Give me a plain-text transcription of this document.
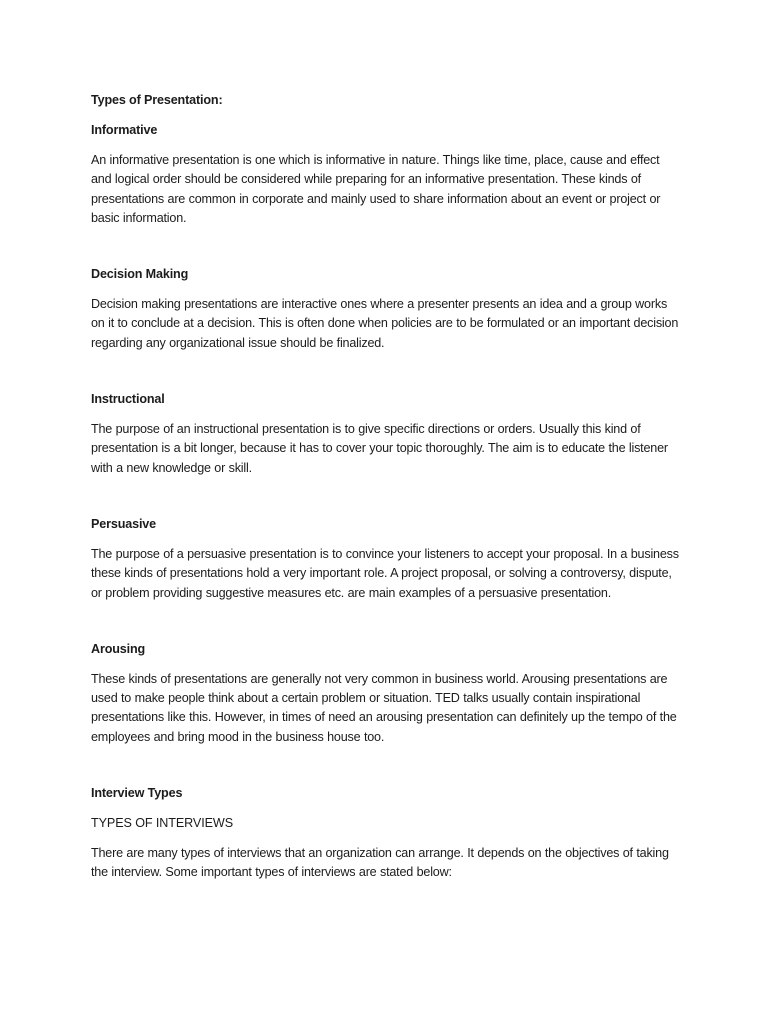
Types of Presentation:

Informative

An informative presentation is one which is informative in nature. Things like time, place, cause and effect and logical order should be considered while preparing for an informative presentation. These kinds of presentations are common in corporate and mainly used to share information about an event or project or basic information.

Decision Making

Decision making presentations are interactive ones where a presenter presents an idea and a group works on it to conclude at a decision. This is often done when policies are to be formulated or an important decision regarding any organizational issue should be finalized.

Instructional

The purpose of an instructional presentation is to give specific directions or orders. Usually this kind of presentation is a bit longer, because it has to cover your topic thoroughly. The aim is to educate the listener with a new knowledge or skill.

Persuasive

The purpose of a persuasive presentation is to convince your listeners to accept your proposal. In a business these kinds of presentations hold a very important role. A project proposal, or solving a controversy, dispute, or problem providing suggestive measures etc. are main examples of a persuasive presentation.

Arousing

These kinds of presentations are generally not very common in business world. Arousing presentations are used to make people think about a certain problem or situation. TED talks usually contain inspirational presentations like this. However, in times of need an arousing presentation can definitely up the tempo of the employees and bring mood in the business house too.

Interview Types

TYPES OF INTERVIEWS

There are many types of interviews that an organization can arrange. It depends on the objectives of taking the interview. Some important types of interviews are stated below:
